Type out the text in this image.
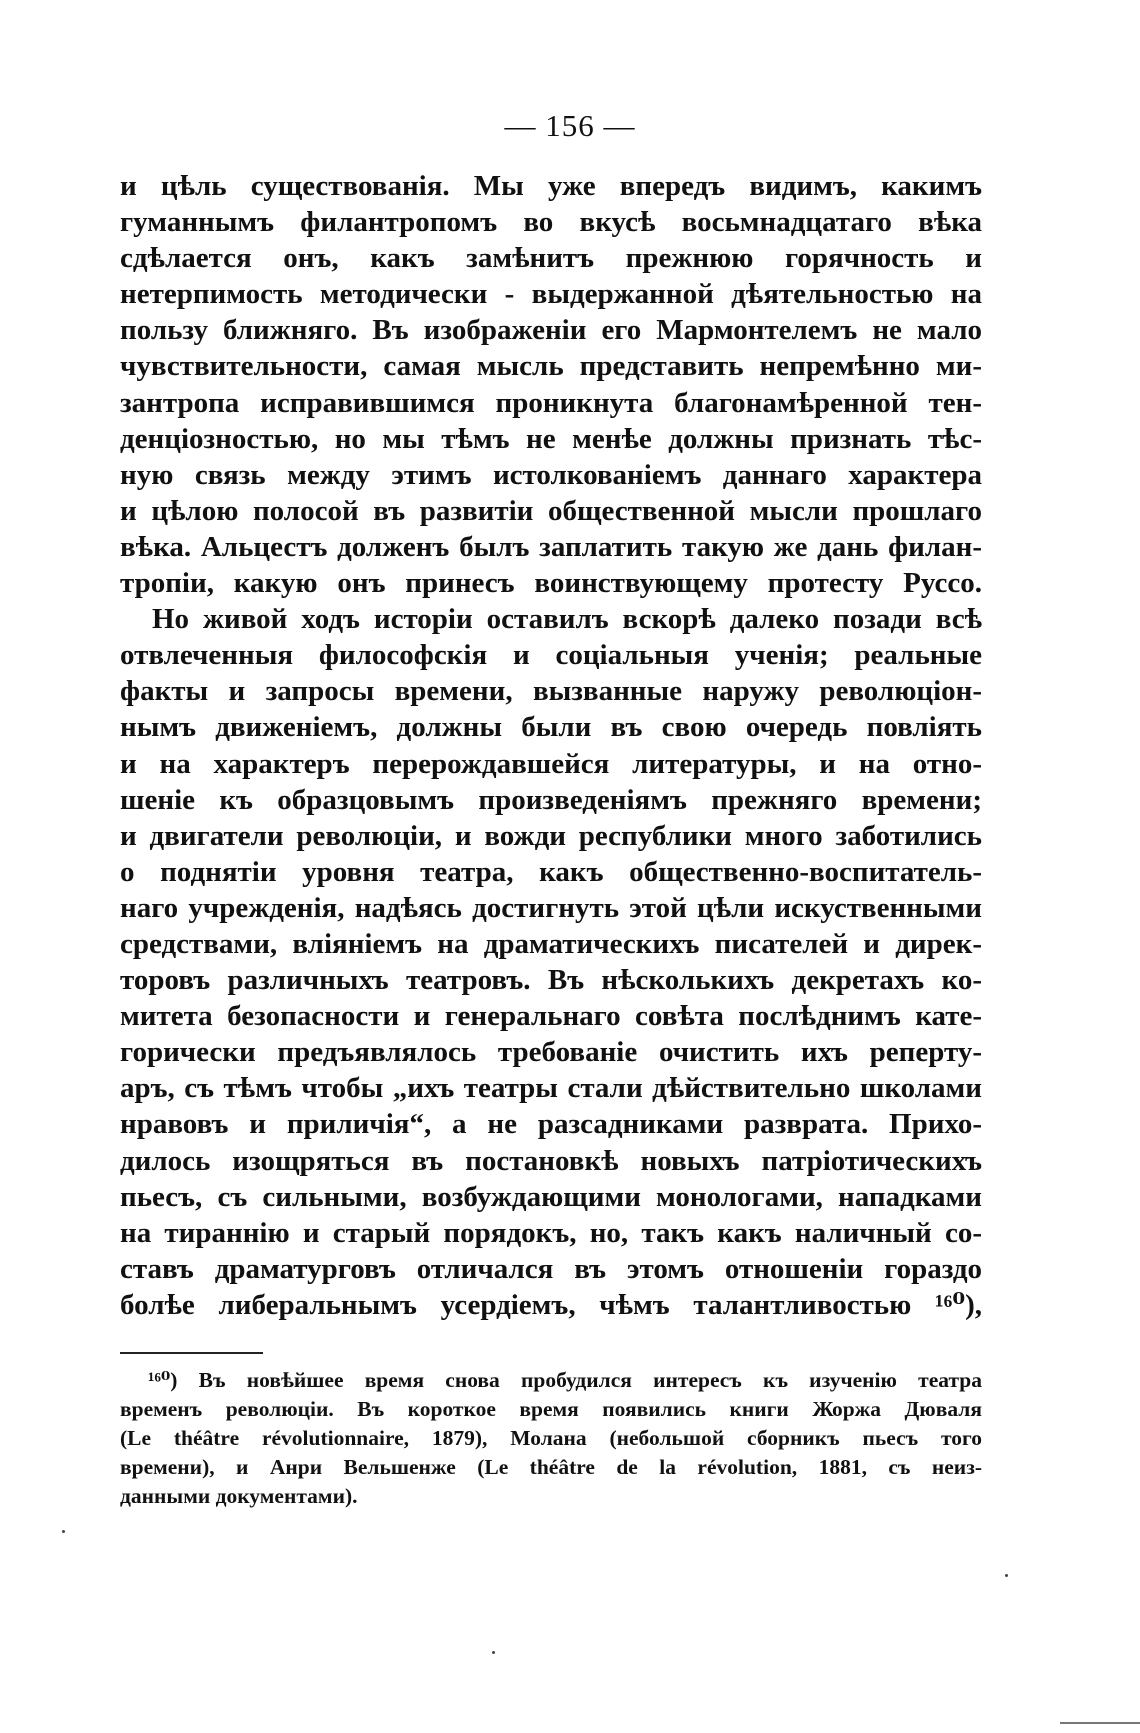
— 156 —
и цѣль существованія. Мы уже впередъ видимъ, какимъ
гуманнымъ филантропомъ во вкусѣ восьмнадцатаго вѣка
сдѣлается онъ, какъ замѣнитъ прежнюю горячность и
нетерпимость методически - выдержанной дѣятельностью на
пользу ближняго. Въ изображеніи его Мармонтелемъ не мало
чувствительности, самая мысль представить непремѣнно ми-
зантропа исправившимся проникнута благонамѣренной тен-
денціозностью, но мы тѣмъ не менѣе должны признать тѣс-
ную связь между этимъ истолкованіемъ даннаго характера
и цѣлою полосой въ развитіи общественной мысли прошлаго
вѣка. Альцестъ долженъ былъ заплатить такую же дань филан-
тропіи, какую онъ принесъ воинствующему протесту Руссо.
Но живой ходъ исторіи оставилъ вскорѣ далеко позади всѣ
отвлеченныя философскія и соціальныя ученія; реальные
факты и запросы времени, вызванные наружу революціон-
нымъ движеніемъ, должны были въ свою очередь повліять
и на характеръ перерождавшейся литературы, и на отно-
шеніе къ образцовымъ произведеніямъ прежняго времени;
и двигатели революціи, и вожди республики много заботились
о поднятіи уровня театра, какъ общественно-воспитатель-
наго учрежденія, надѣясь достигнуть этой цѣли искуственными
средствами, вліяніемъ на драматическихъ писателей и дирек-
торовъ различныхъ театровъ. Въ нѣсколькихъ декретахъ ко-
митета безопасности и генеральнаго совѣта послѣднимъ кате-
горически предъявлялось требованіе очистить ихъ реперту-
аръ, съ тѣмъ чтобы „ихъ театры стали дѣйствительно школами
нравовъ и приличія“, а не разсадниками разврата. Прихо-
дилось изощряться въ постановкѣ новыхъ патріотическихъ
пьесъ, съ сильными, возбуждающими монологами, нападками
на тираннію и старый порядокъ, но, такъ какъ наличный со-
ставъ драматурговъ отличался въ этомъ отношеніи гораздо
болѣе либеральнымъ усердіемъ, чѣмъ талантливостью ¹⁶⁰),
¹⁶⁰) Въ новѣйшее время снова пробудился интересъ къ изученію театра
временъ революціи. Въ короткое время появились книги Жоржа Дюваля
(Le théâtre révolutionnaire, 1879), Молана (небольшой сборникъ пьесъ того
времени), и Анри Вельшенже (Le théâtre de la révolution, 1881, съ неиз-
данными документами).
